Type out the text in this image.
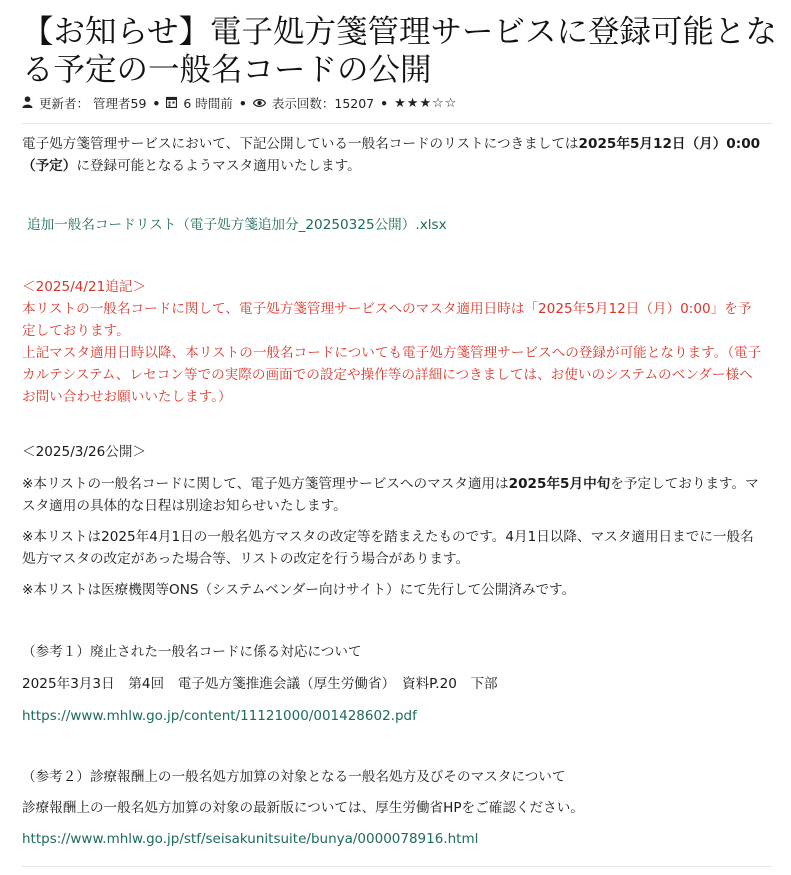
【お知らせ】電子処方箋管理サービスに登録可能となる予定の一般名コードの公開
更新者： 管理者59 • 6 時間前 • 表示回数： 15207 • ★★★☆☆

電子処方箋管理サービスにおいて、下記公開している一般名コードのリストにつきましては2025年5月12日（月）0:00（予定）に登録可能となるようマスタ適用いたします。

追加一般名コードリスト（電子処方箋追加分_20250325公開）.xlsx
＜2025/4/21追記＞
本リストの一般名コードに関して、電子処方箋管理サービスへのマスタ適用日時は「2025年5月12日（月）0:00」を予定しております。
上記マスタ適用日時以降、本リストの一般名コードについても電子処方箋管理サービスへの登録が可能となります。（電子カルテシステム、レセコン等での実際の画面での設定や操作等の詳細につきましては、お使いのシステムのベンダー様へお問い合わせお願いいたします。）
＜2025/3/26公開＞

※本リストの一般名コードに関して、電子処方箋管理サービスへのマスタ適用は2025年5月中旬を予定しております。マスタ適用の具体的な日程は別途お知らせいたします。

※本リストは2025年4月1日の一般名処方マスタの改定等を踏まえたものです。4月1日以降、マスタ適用日までに一般名処方マスタの改定があった場合等、リストの改定を行う場合があります。

※本リストは医療機関等ONS（システムベンダー向けサイト）にて先行して公開済みです。

（参考１）廃止された一般名コードに係る対応について

2025年3月3日　第4回　電子処方箋推進会議（厚生労働省）　資料P.20　下部

https://www.mhlw.go.jp/content/11121000/001428602.pdf

（参考２）診療報酬上の一般名処方加算の対象となる一般名処方及びそのマスタについて

診療報酬上の一般名処方加算の対象の最新版については、厚生労働省HPをご確認ください。

https://www.mhlw.go.jp/stf/seisakunitsuite/bunya/0000078916.html
